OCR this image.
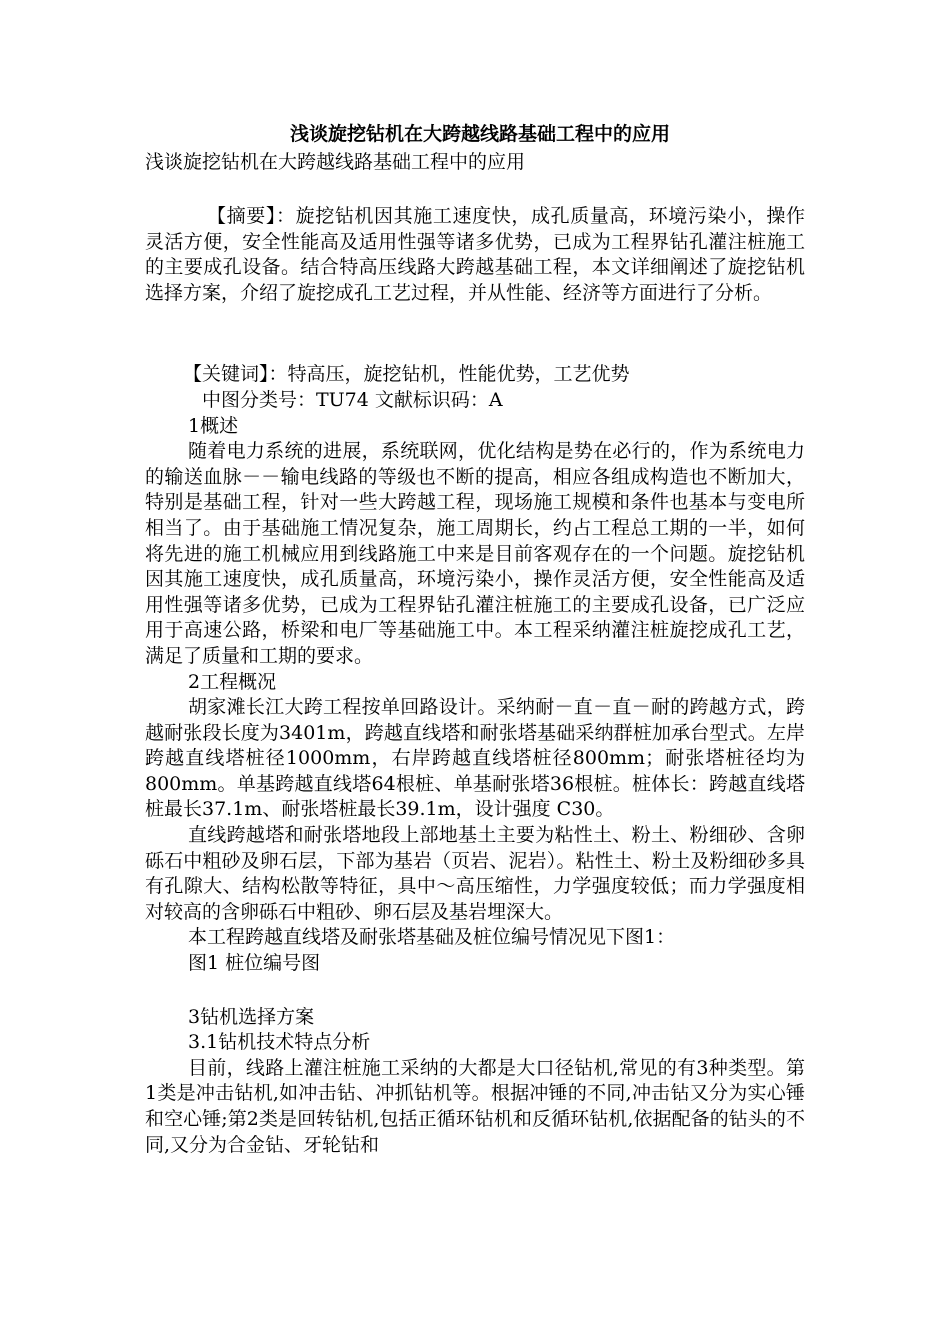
浅谈旋挖钻机在大跨越线路基础工程中的应用

浅谈旋挖钻机在大跨越线路基础工程中的应用

【摘要】：旋挖钻机因其施工速度快，成孔质量高，环境污染小，操作灵活方便，安全性能高及适用性强等诸多优势，已成为工程界钻孔灌注桩施工的主要成孔设备。结合特高压线路大跨越基础工程，本文详细阐述了旋挖钻机选择方案，介绍了旋挖成孔工艺过程，并从性能、经济等方面进行了分析。

【关键词】：特高压，旋挖钻机，性能优势，工艺优势

中图分类号：TU74 文献标识码：A

1概述

随着电力系统的进展，系统联网，优化结构是势在必行的，作为系统电力的输送血脉－－输电线路的等级也不断的提高，相应各组成构造也不断加大，特别是基础工程，针对一些大跨越工程，现场施工规模和条件也基本与变电所相当了。由于基础施工情况复杂，施工周期长，约占工程总工期的一半，如何将先进的施工机械应用到线路施工中来是目前客观存在的一个问题。旋挖钻机因其施工速度快，成孔质量高，环境污染小，操作灵活方便，安全性能高及适用性强等诸多优势，已成为工程界钻孔灌注桩施工的主要成孔设备，已广泛应用于高速公路，桥梁和电厂等基础施工中。本工程采纳灌注桩旋挖成孔工艺，满足了质量和工期的要求。

2工程概况

胡家滩长江大跨工程按单回路设计。采纳耐－直－直－耐的跨越方式，跨越耐张段长度为3401m，跨越直线塔和耐张塔基础采纳群桩加承台型式。左岸跨越直线塔桩径1000mm，右岸跨越直线塔桩径800mm；耐张塔桩径均为800mm。单基跨越直线塔64根桩、单基耐张塔36根桩。桩体长：跨越直线塔桩最长37.1m、耐张塔桩最长39.1m，设计强度 C30。

直线跨越塔和耐张塔地段上部地基土主要为粘性土、粉土、粉细砂、含卵砾石中粗砂及卵石层，下部为基岩（页岩、泥岩）。粘性土、粉土及粉细砂多具有孔隙大、结构松散等特征，具中～高压缩性，力学强度较低；而力学强度相对较高的含卵砾石中粗砂、卵石层及基岩埋深大。

本工程跨越直线塔及耐张塔基础及桩位编号情况见下图1：

图1 桩位编号图

3钻机选择方案

3.1钻机技术特点分析

目前，线路上灌注桩施工采纳的大都是大口径钻机,常见的有3种类型。第1类是冲击钻机,如冲击钻、冲抓钻机等。根据冲锤的不同,冲击钻又分为实心锤和空心锤;第2类是回转钻机,包括正循环钻机和反循环钻机,依据配备的钻头的不同,又分为合金钻、牙轮钻和
